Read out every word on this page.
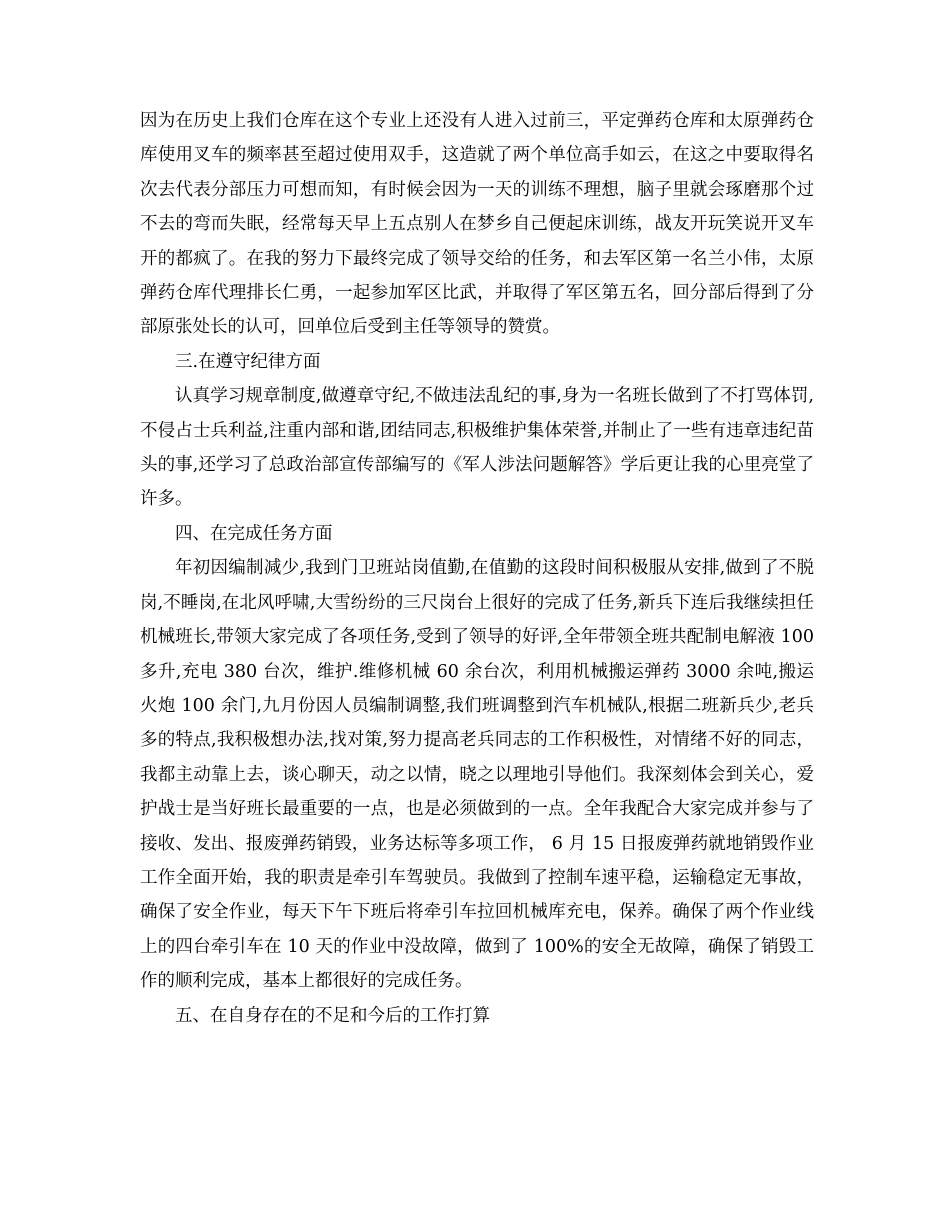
因为在历史上我们仓库在这个专业上还没有人进入过前三，平定弹药仓库和太原弹药仓库使用叉车的频率甚至超过使用双手，这造就了两个单位高手如云，在这之中要取得名次去代表分部压力可想而知，有时候会因为一天的训练不理想，脑子里就会琢磨那个过不去的弯而失眠，经常每天早上五点别人在梦乡自己便起床训练，战友开玩笑说开叉车开的都疯了。在我的努力下最终完成了领导交给的任务，和去军区第一名兰小伟，太原弹药仓库代理排长仁勇，一起参加军区比武，并取得了军区第五名，回分部后得到了分部原张处长的认可，回单位后受到主任等领导的赞赏。

三.在遵守纪律方面

认真学习规章制度,做遵章守纪,不做违法乱纪的事,身为一名班长做到了不打骂体罚,不侵占士兵利益,注重内部和谐,团结同志,积极维护集体荣誉,并制止了一些有违章违纪苗头的事,还学习了总政治部宣传部编写的《军人涉法问题解答》学后更让我的心里亮堂了许多。

四、在完成任务方面

年初因编制减少,我到门卫班站岗值勤,在值勤的这段时间积极服从安排,做到了不脱岗,不睡岗,在北风呼啸,大雪纷纷的三尺岗台上很好的完成了任务,新兵下连后我继续担任机械班长,带领大家完成了各项任务,受到了领导的好评,全年带领全班共配制电解液 100 多升,充电 380 台次，维护.维修机械 60 余台次，利用机械搬运弹药 3000 余吨,搬运火炮 100 余门,九月份因人员编制调整,我们班调整到汽车机械队,根据二班新兵少,老兵多的特点,我积极想办法,找对策,努力提高老兵同志的工作积极性，对情绪不好的同志，我都主动靠上去，谈心聊天，动之以情，晓之以理地引导他们。我深刻体会到关心，爱护战士是当好班长最重要的一点，也是必须做到的一点。全年我配合大家完成并参与了接收、发出、报废弹药销毁，业务达标等多项工作， 6 月 15 日报废弹药就地销毁作业工作全面开始，我的职责是牵引车驾驶员。我做到了控制车速平稳，运输稳定无事故，确保了安全作业，每天下午下班后将牵引车拉回机械库充电，保养。确保了两个作业线上的四台牵引车在 10 天的作业中没故障，做到了 100%的安全无故障，确保了销毁工作的顺利完成，基本上都很好的完成任务。

五、在自身存在的不足和今后的工作打算
